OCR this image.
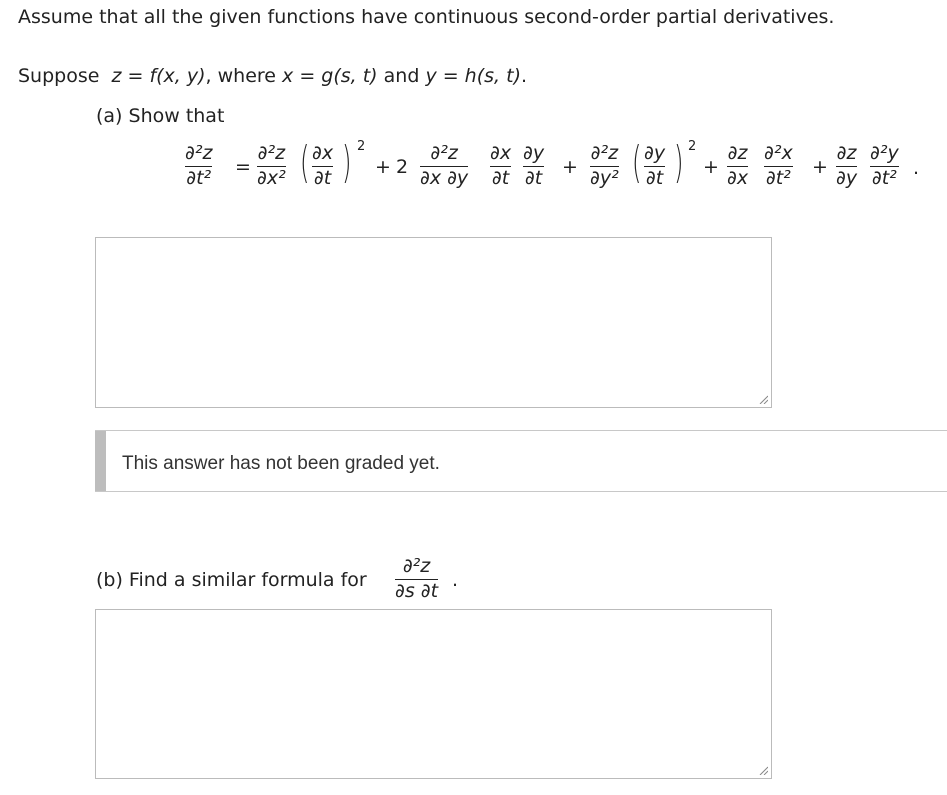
Assume that all the given functions have continuous second-order partial derivatives.
Suppose z = f(x, y), where x = g(s, t) and y = h(s, t).
(a) Show that
∂²z
∂t² =
∂²z
∂x² ( ∂x
∂t ) 2
+ 2
∂²z
∂x ∂y
∂x
∂t
∂y
∂t +
∂²z
∂y² ( ∂y
∂t ) 2
+
∂z
∂x
∂²x
∂t² +
∂z
∂y
∂²y
∂t² .
This answer has not been graded yet.
(b) Find a similar formula for
∂²z
∂s ∂t .
